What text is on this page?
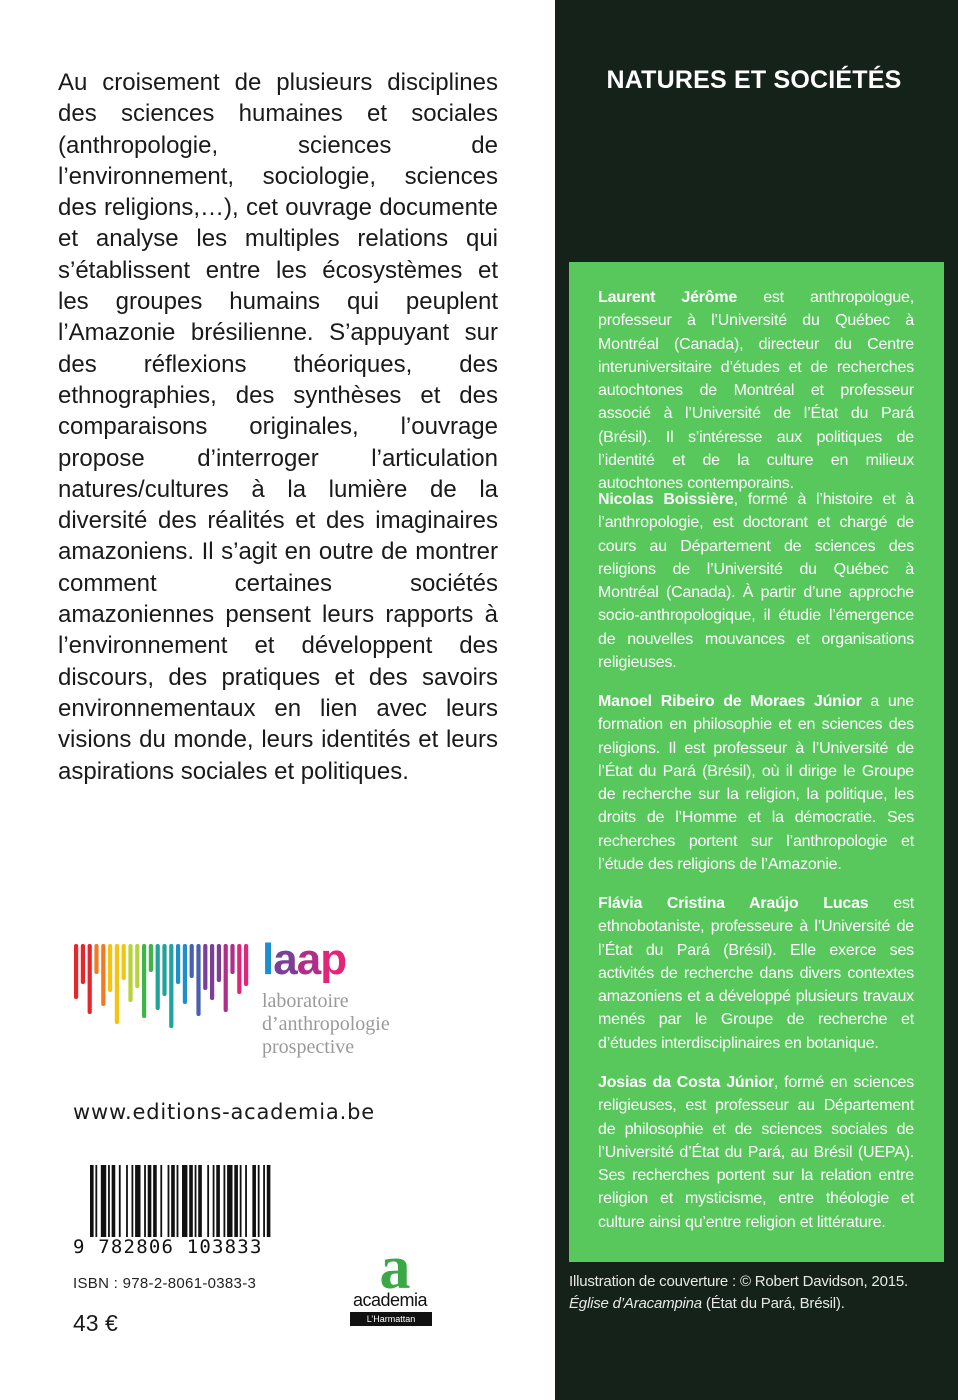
Au croisement de plusieurs disciplines des sciences humaines et sociales (anthropologie, sciences de l’environnement, sociologie, sciences des religions,…), cet ouvrage documente et analyse les multiples relations qui s’établissent entre les écosystèmes et les groupes humains qui peuplent l’Amazonie brésilienne. S’appuyant sur des réflexions théoriques, des ethnographies, des synthèses et des comparaisons originales, l’ouvrage propose d’interroger l’articulation natures/cultures à la lumière de la diversité des réalités et des imaginaires amazoniens. Il s’agit en outre de montrer comment certaines sociétés amazoniennes pensent leurs rapports à l’environnement et développent des discours, des pratiques et des savoirs environnementaux en lien avec leurs visions du monde, leurs identités et leurs aspirations sociales et politiques.

laap
laboratoire
d’anthropologie
prospective
www.editions-academia.be
9 782806 103833
ISBN : 978-2-8061-0383-3
43 €
a
academia
L’Harmattan
NATURES ET SOCIÉTÉS

Laurent Jérôme est anthropologue, professeur à l’Université du Québec à Montréal (Canada), directeur du Centre interuniversitaire d’études et de recherches autochtones de Montréal et professeur associé à l’Université de l’État du Pará (Brésil). Il s’intéresse aux politiques de l’identité et de la culture en milieux autochtones contemporains.

Nicolas Boissière, formé à l’histoire et à l’anthropologie, est doctorant et chargé de cours au Département de sciences des religions de l’Université du Québec à Montréal (Canada). À partir d’une approche socio-anthropologique, il étudie l’émergence de nouvelles mouvances et organisations religieuses.

Manoel Ribeiro de Moraes Júnior a une formation en philosophie et en sciences des religions. Il est professeur à l’Université de l’État du Pará (Brésil), où il dirige le Groupe de recherche sur la religion, la politique, les droits de l’Homme et la démocratie. Ses recherches portent sur l’anthropologie et l’étude des religions de l’Amazonie.

Flávia Cristina Araújo Lucas est ethnobotaniste, professeure à l’Université de l’État du Pará (Brésil). Elle exerce ses activités de recherche dans divers contextes amazoniens et a développé plusieurs travaux menés par le Groupe de recherche et d’études interdisciplinaires en botanique.

Josias da Costa Júnior, formé en sciences religieuses, est professeur au Département de philosophie et de sciences sociales de l’Université d’État du Pará, au Brésil (UEPA). Ses recherches portent sur la relation entre religion et mysticisme, entre théologie et culture ainsi qu’entre religion et littérature.

Illustration de couverture : © Robert Davidson, 2015. Église d’Aracampina (État du Pará, Brésil).
